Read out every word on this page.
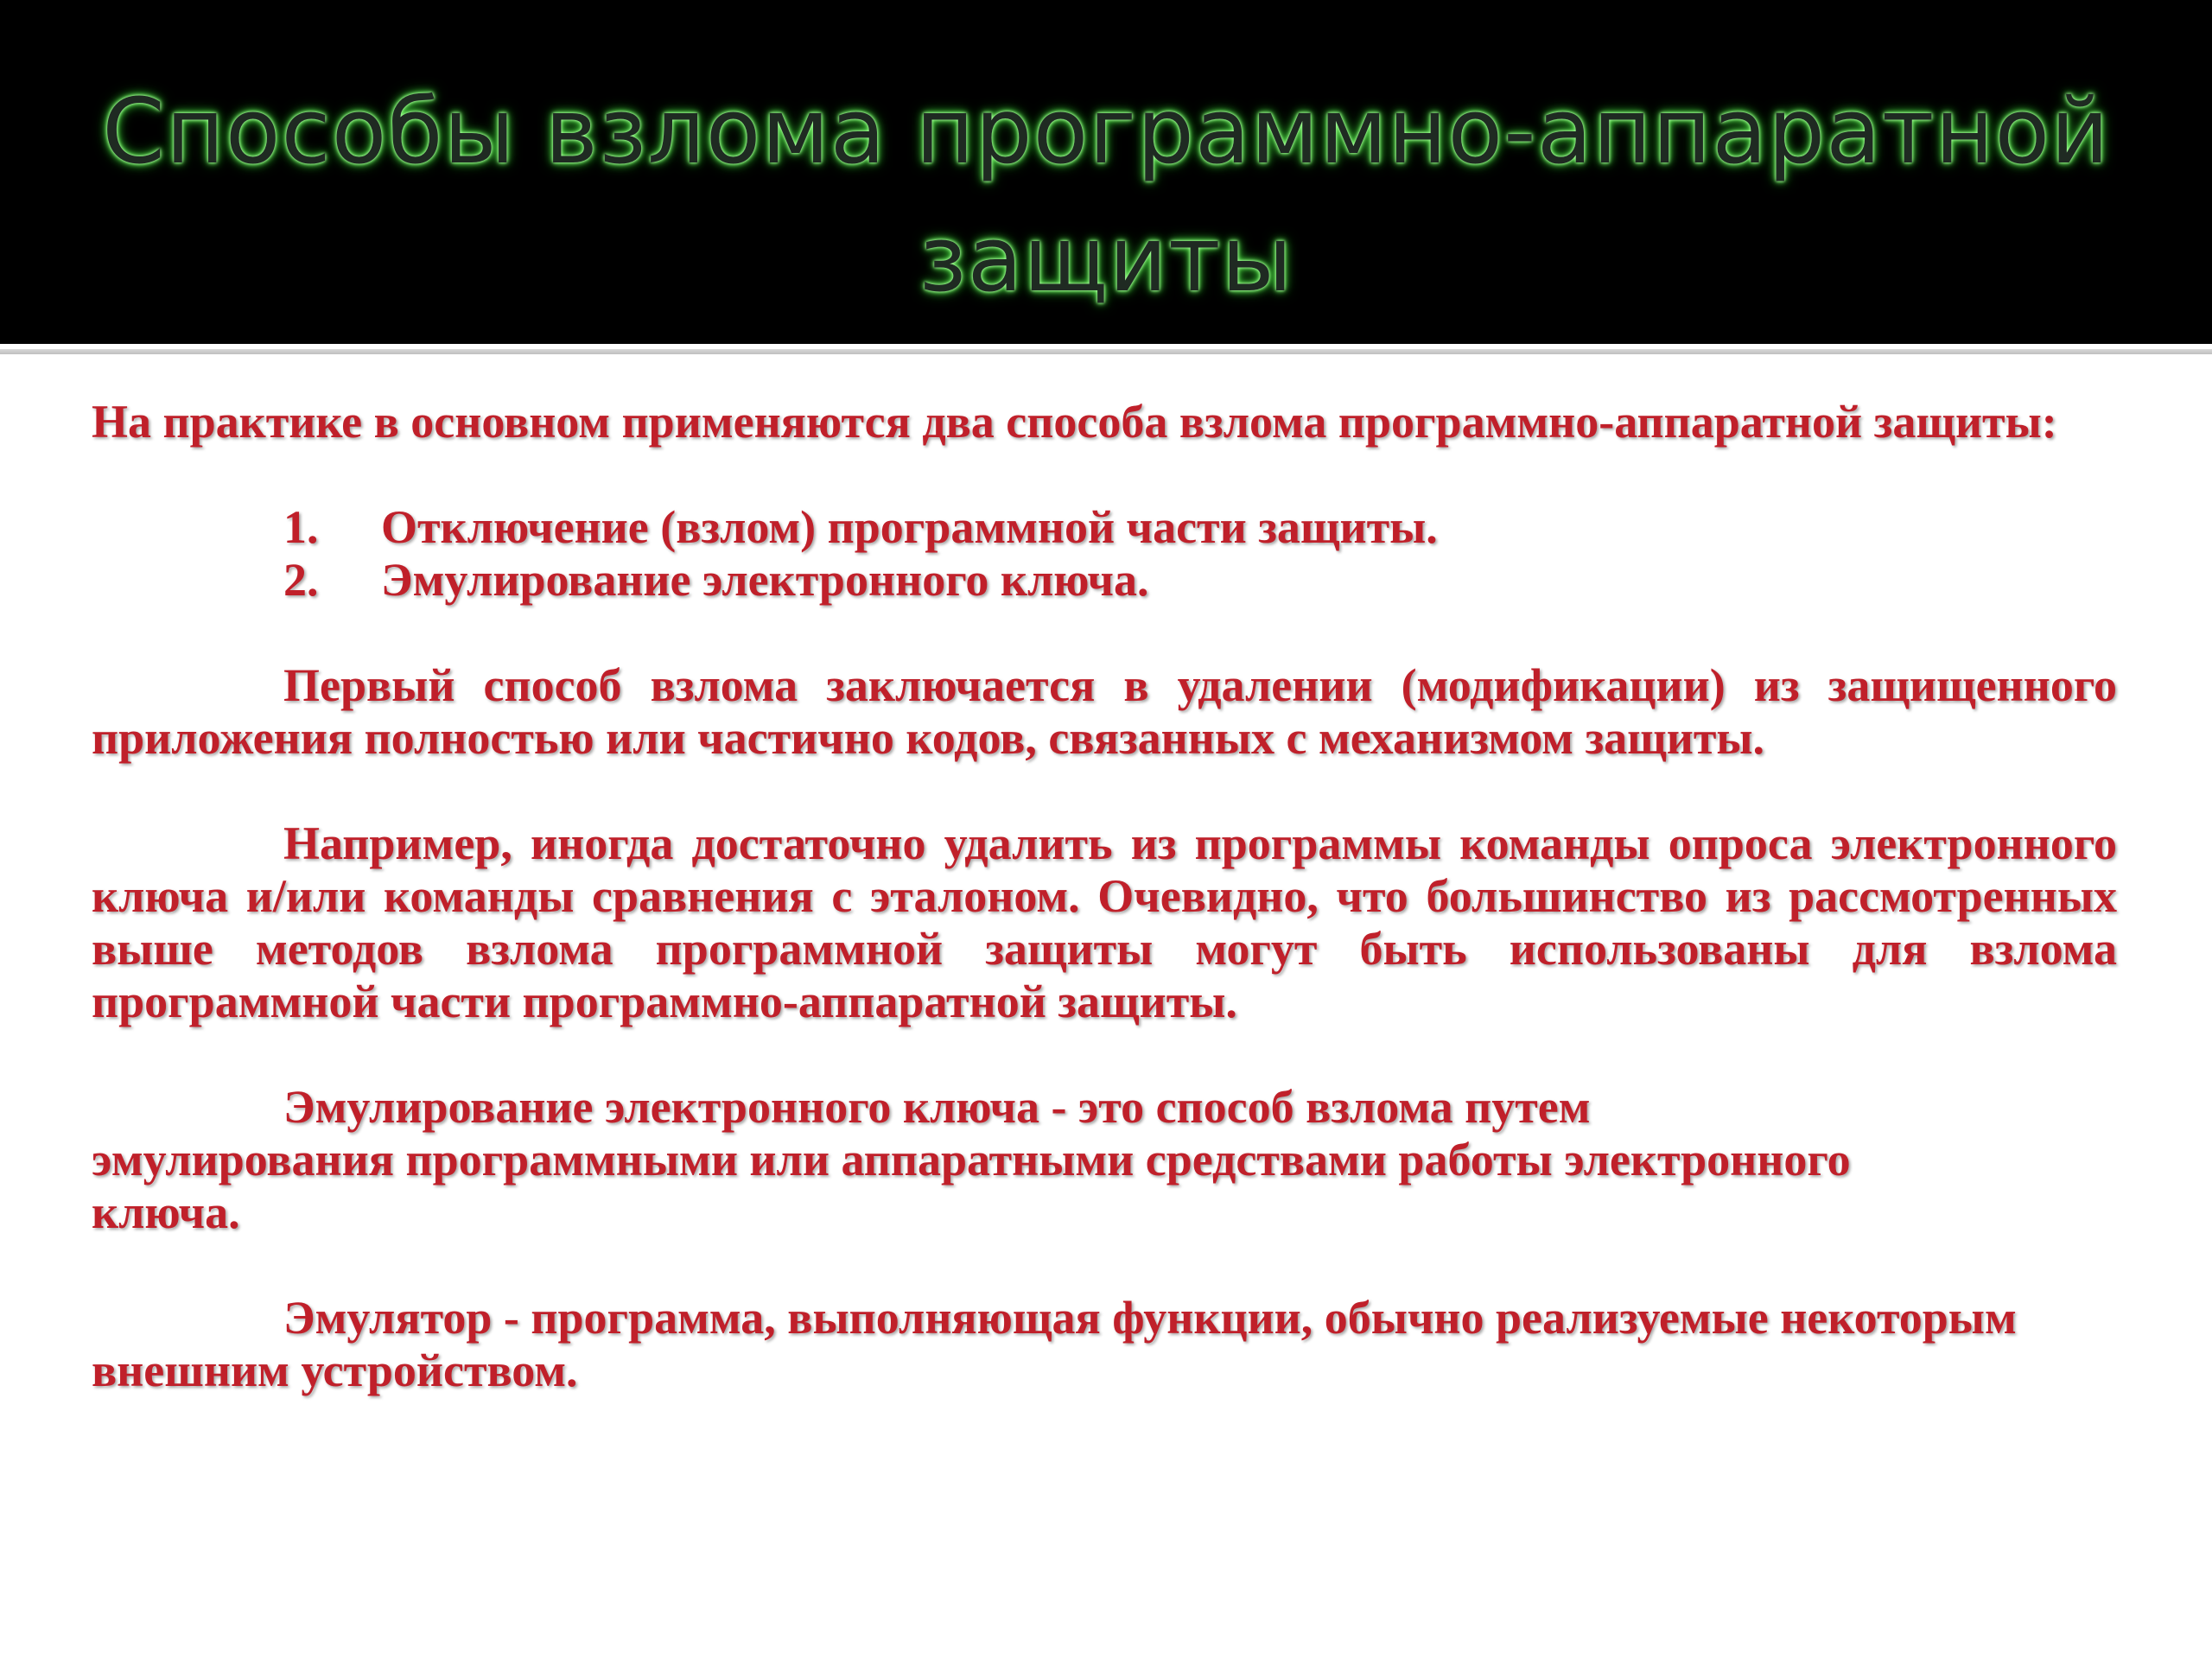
Способы взлома программно-аппаратной
защиты

На практике в основном применяются два способа взлома программно-аппаратной защиты:

1. Отключение (взлом) программной части защиты.
2. Эмулирование электронного ключа.

Первый способ взлома заключается в удалении (модификации) из защищенного приложения полностью или частично кодов, связанных с механизмом защиты.

Например, иногда достаточно удалить из программы команды опроса электронного ключа и/или команды сравнения с эталоном. Очевидно, что большинство из рассмотренных выше методов взлома программной защиты могут быть использованы для взлома программной части программно-аппаратной защиты.

Эмулирование электронного ключа - это способ взлома путем эмулирования программными или аппаратными средствами работы электронного ключа.

Эмулятор - программа, выполняющая функции, обычно реализуемые некоторым внешним устройством.
